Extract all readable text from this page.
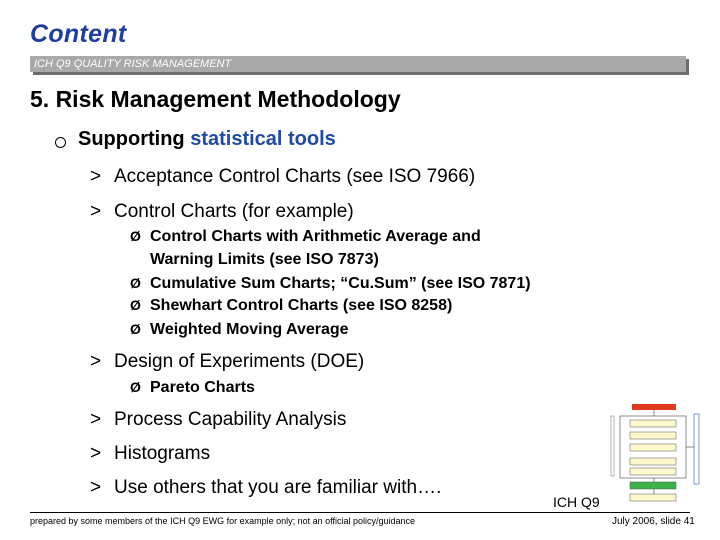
Content
ICH Q9 QUALITY RISK MANAGEMENT
5. Risk Management Methodology
Supporting statistical tools
> Acceptance Control Charts (see ISO 7966)
> Control Charts (for example)
Ø Control Charts with Arithmetic Average and
Warning Limits (see ISO 7873)
Ø Cumulative Sum Charts; “Cu.Sum” (see ISO 7871)
Ø Shewhart Control Charts (see ISO 8258)
Ø Weighted Moving Average
> Design of Experiments (DOE)
Ø Pareto Charts
> Process Capability Analysis
> Histograms
> Use others that you are familiar with….
ICH Q9
prepared by some members of the ICH Q9 EWG for example only; not an official policy/guidance	July 2006, slide 41
